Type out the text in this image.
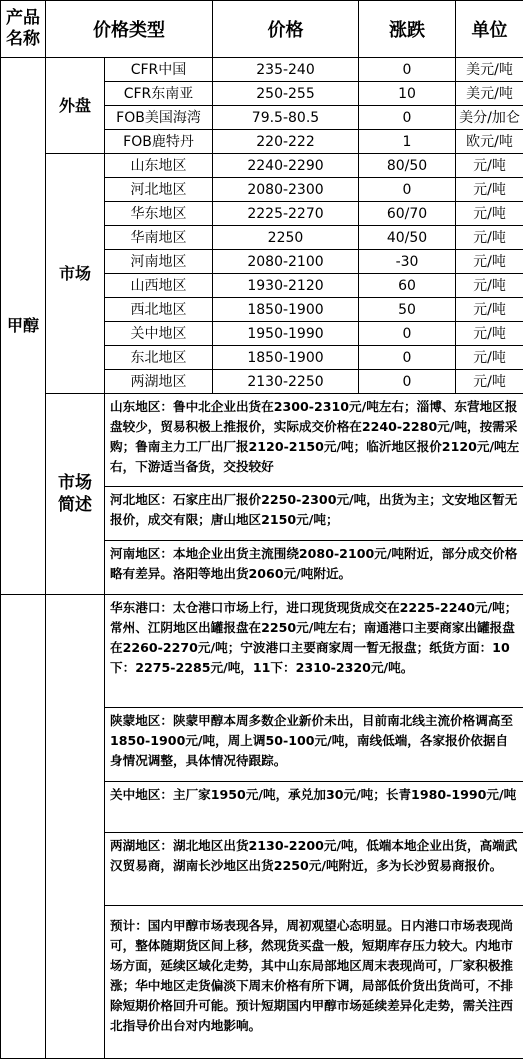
产品名称	价格类型		价格	涨跌	单位
甲醇	外盘	CFR中国	235-240	0	美元/吨
		CFR东南亚	250-255	10	美元/吨
		FOB美国海湾	79.5-80.5	0	美分/加仑
		FOB鹿特丹	220-222	1	欧元/吨
	市场	山东地区	2240-2290	80/50	元/吨
		河北地区	2080-2300	0	元/吨
		华东地区	2225-2270	60/70	元/吨
		华南地区	2250	40/50	元/吨
		河南地区	2080-2100	-30	元/吨
		山西地区	1930-2120	60	元/吨
		西北地区	1850-1900	50	元/吨
		关中地区	1950-1990	0	元/吨
		东北地区	1850-1900	0	元/吨
		两湖地区	2130-2250	0	元/吨

	市场简述	山东地区：鲁中北企业出货在2300-2310元/吨左右；淄博、东营地区报盘较少，贸易积极上推报价，实际成交价格在2240-2280元/吨，按需采购；鲁南主力工厂出厂报2120-2150元/吨；临沂地区报价2120元/吨左右，下游适当备货，交投较好			
		河北地区：石家庄出厂报价2250-2300元/吨，出货为主；文安地区暂无报价，成交有限；唐山地区2150元/吨；			
		河南地区：本地企业出货主流围绕2080-2100元/吨附近，部分成交价格略有差异。洛阳等地出货2060元/吨附近。			
		华东港口：太仓港口市场上行，进口现货现货成交在2225-2240元/吨；常州、江阴地区出罐报盘在2250元/吨左右；南通港口主要商家出罐报盘在2260-2270元/吨；宁波港口主要商家周一暂无报盘；纸货方面：10下：2275-2285元/吨，11下：2310-2320元/吨。			
		陕蒙地区：陕蒙甲醇本周多数企业新价未出，目前南北线主流价格调高至1850-1900元/吨，周上调50-100元/吨，南线低端，各家报价依据自身情况调整，具体情况待跟踪。			
		关中地区：主厂家1950元/吨，承兑加30元/吨；长青1980-1990元/吨			
		两湖地区：湖北地区出货2130-2200元/吨，低端本地企业出货，高端武汉贸易商，湖南长沙地区出货2250元/吨附近，多为长沙贸易商报价。			
		预计：国内甲醇市场表现各异，周初观望心态明显。日内港口市场表现尚可，整体随期货区间上移，然现货买盘一般，短期库存压力较大。内地市场方面，延续区域化走势，其中山东局部地区周末表现尚可，厂家积极推涨；华中地区走货偏淡下周末价格有所下调，局部低价货出货尚可，不排除短期价格回升可能。预计短期国内甲醇市场延续差异化走势，需关注西北指导价出台对内地影响。			
